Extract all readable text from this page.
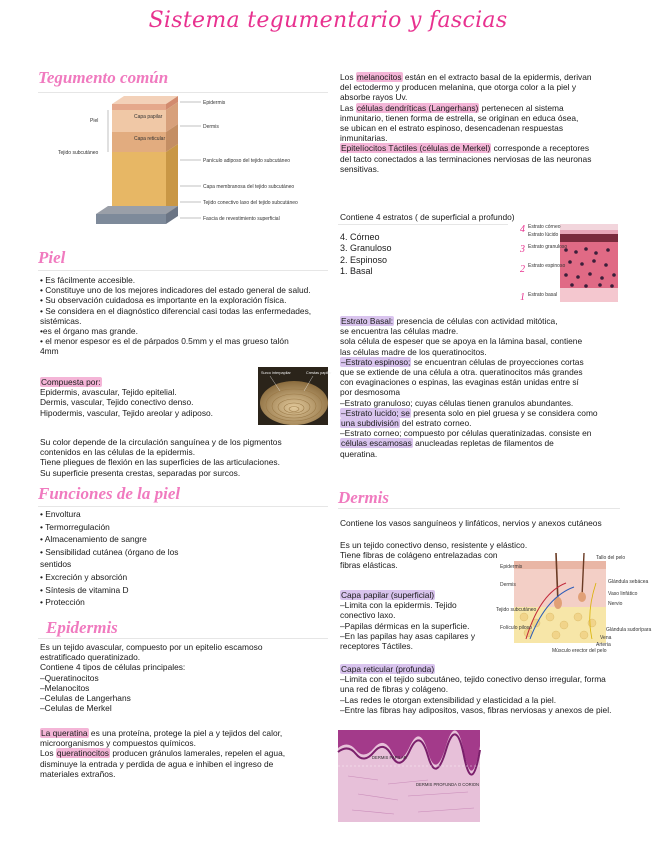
Sistema tegumentario y fascias
Tegumento común
Epidermis
Capa papilar
Piel
Capa reticular
Dermis
Tejido subcutáneo
Panículo adiposo del tejido subcutáneo
Capa membranosa del tejido subcutáneo
Tejido conectivo laxo del tejido subcutáneo
Fascia de revestimiento superficial
Piel
• Es fácilmente accesible.
• Constituye uno de los mejores indicadores del estado general de salud.
• Su observación cuidadosa es importante en la exploración física.
• Se considera en el diagnóstico diferencial casi todas las enfermedades,
sistémicas.
•es el órgano mas grande.
• el menor espesor es el de párpados 0.5mm y el mas grueso talón
4mm
Compuesta por:
Epidermis, avascular, Tejido epitelial.
Dermis, vascular, Tejido conectivo denso.
Hipodermis, vascular, Tejido areolar y adiposo.
Surco interpapilar	Crestas papilar
Su color depende de la circulación sanguínea y de los pigmentos
contenidos en las células de la epidermis.
Tiene pliegues de flexión en las superficies de las articulaciones.
Su superficie presenta crestas, separadas por surcos.
Funciones de la piel
• Envoltura
• Termorregulación
• Almacenamiento de sangre
• Sensibilidad cutánea (órgano de los
sentidos
• Excreción y absorción
• Síntesis de vitamina D
• Protección
Epidermis
Es un tejido avascular, compuesto por un epitelio escamoso
estratificado queratinizado.
Contiene 4 tipos de células principales:
–Queratinocitos
–Melanocitos
–Celulas de Langerhans
–Celulas de Merkel
La queratina es una proteína, protege la piel a y tejidos del calor,
microorganismos y compuestos químicos.
Los queratinocitos producen gránulos lamerales, repelen el agua,
disminuye la entrada y perdida de agua e inhiben el ingreso de
materiales extraños.
Los melanocitos están en el extracto basal de la epidermis, derivan
del ectodermo y producen melanina, que otorga color a la piel y
absorbe rayos Uv.
Las células dendríticas (Langerhans) pertenecen al sistema
inmunitario, tienen forma de estrella, se originan en educa ósea,
se ubican en el estrato espinoso, desencadenan respuestas
inmunitarias.
Epitelíocitos Táctiles (células de Merkel) corresponde a receptores
del tacto conectados a las terminaciones nerviosas de las neuronas
sensitivas.
Contiene 4 estratos ( de superficial a profundo)
4. Córneo
3. Granuloso
2. Espinoso
1. Basal
4
3
2
1
Estrato córneo
Estrato lúcido
Estrato granuloso
Estrato espinoso
Estrato basal
Estrato Basal: presencia de células con actividad mitótica,
se encuentra las células madre.
sola célula de espeser que se apoya en la lámina basal, contiene
las células madre de los queratinocitos.
–Estrato espinoso; se encuentran células de proyecciones cortas
que se extiende de una célula a otra. queratinocitos más grandes
con evaginaciones o espinas, las evaginas están unidas entre sí
por desmosoma
–Estrato granuloso; cuyas células tienen granulos abundantes.
–Estrato lucido; se presenta solo en piel gruesa y se considera como
una subdivisión del estrato corneo.
–Estrato corneo; compuesto por células queratinizadas. consiste en
células escamosas anucleadas repletas de filamentos de
queratina.
Dermis
Contiene los vasos sanguíneos y linfáticos, nervios y anexos cutáneos
Es un tejido conectivo denso, resistente y elástico.
Tiene fibras de colágeno entrelazadas con
fibras elásticas.	Epidermis
Dermis
Tejido subcutáneo
Folículo piloso
Tallo del pelo
Glándula sebácea
Vaso linfático
Nervio
Glándula sudorípara
Vena
Arteria
Músculo erector del pelo
Capa papilar (superficial)
–Limita con la epidermis. Tejido
conectivo laxo.
–Papilas dérmicas en la superficie.
–En las papilas hay asas capilares y
receptores Táctiles.
Capa reticular (profunda)
–Limita con el tejido subcutáneo, tejido conectivo denso irregular, forma
una red de fibras y colágeno.
–Las redes le otorgan extensibilidad y elasticidad a la piel.
–Entre las fibras hay adipositos, vasos, fibras nerviosas y anexos de piel.
DERMIS PAPILAR
DERMIS PROFUNDA O CORION
